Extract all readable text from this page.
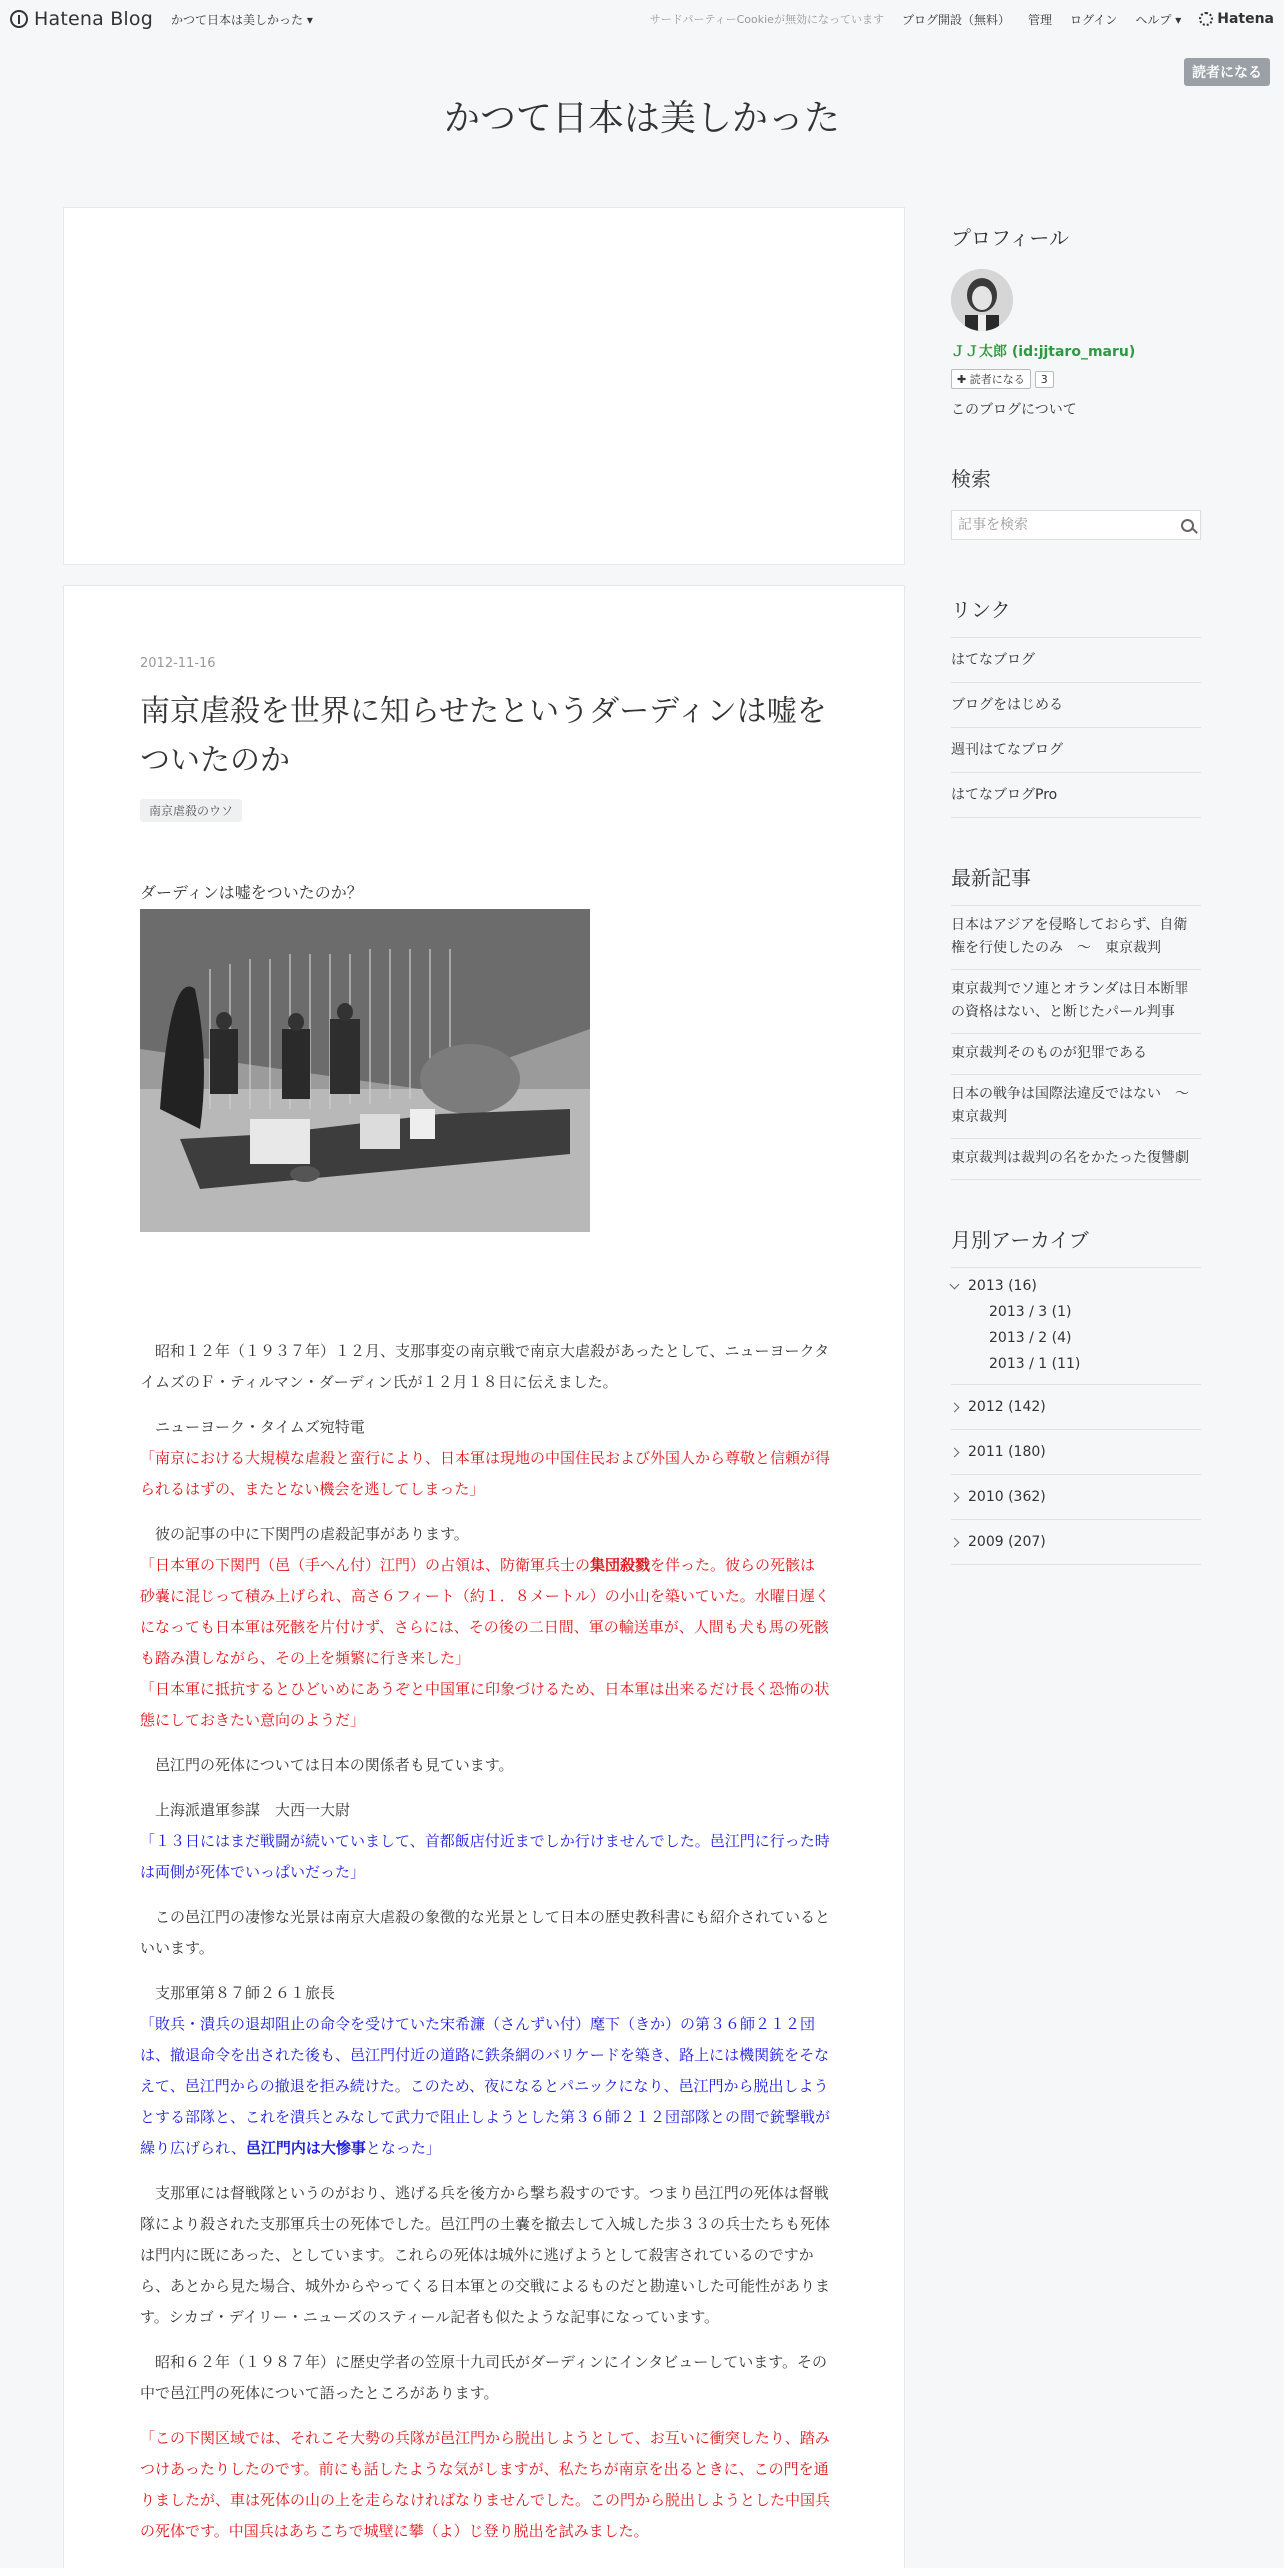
Hatena Blog かつて日本は美しかった ▾	サードパーティーCookieが無効になっています ブログ開設（無料） 管理 ログイン ヘルプ ▾	Hatena
読者になる
かつて日本は美しかった
2012-11-16
南京虐殺を世界に知らせたというダーディンは嘘をついたのか
南京虐殺のウソ
ダーディンは嘘をついたのか？

昭和１２年（１９３７年）１２月、支那事変の南京戦で南京大虐殺があったとして、ニューヨークタイムズのＦ・ティルマン・ダーディン氏が１２月１８日に伝えました。

ニューヨーク・タイムズ宛特電

「南京における大規模な虐殺と蛮行により、日本軍は現地の中国住民および外国人から尊敬と信頼が得られるはずの、またとない機会を逃してしまった」

彼の記事の中に下関門の虐殺記事があります。

「日本軍の下関門（邑（手へん付）江門）の占領は、防衛軍兵士の集団殺戮を伴った。彼らの死骸は砂嚢に混じって積み上げられ、高さ６フィート（約１．８メートル）の小山を築いていた。水曜日遅くになっても日本軍は死骸を片付けず、さらには、その後の二日間、軍の輸送車が、人間も犬も馬の死骸も踏み潰しながら、その上を頻繁に行き来した」

「日本軍に抵抗するとひどいめにあうぞと中国軍に印象づけるため、日本軍は出来るだけ長く恐怖の状態にしておきたい意向のようだ」

邑江門の死体については日本の関係者も見ています。

上海派遣軍参謀　大西一大尉

「１３日にはまだ戦闘が続いていまして、首都飯店付近までしか行けませんでした。邑江門に行った時は両側が死体でいっぱいだった」

この邑江門の凄惨な光景は南京大虐殺の象徴的な光景として日本の歴史教科書にも紹介されているといいます。

支那軍第８７師２６１旅長

「敗兵・潰兵の退却阻止の命令を受けていた宋希濂（さんずい付）麾下（きか）の第３６師２１２団は、撤退命令を出された後も、邑江門付近の道路に鉄条網のバリケードを築き、路上には機関銃をそなえて、邑江門からの撤退を拒み続けた。このため、夜になるとパニックになり、邑江門から脱出しようとする部隊と、これを潰兵とみなして武力で阻止しようとした第３６師２１２団部隊との間で銃撃戦が繰り広げられ、邑江門内は大惨事となった」

支那軍には督戦隊というのがおり、逃げる兵を後方から撃ち殺すのです。つまり邑江門の死体は督戦隊により殺された支那軍兵士の死体でした。邑江門の土嚢を撤去して入城した歩３３の兵士たちも死体は門内に既にあった、としています。これらの死体は城外に逃げようとして殺害されているのですから、あとから見た場合、城外からやってくる日本軍との交戦によるものだと勘違いした可能性があります。シカゴ・デイリー・ニューズのスティール記者も似たような記事になっています。

昭和６２年（１９８７年）に歴史学者の笠原十九司氏がダーディンにインタビューしています。その中で邑江門の死体について語ったところがあります。

「この下関区域では、それこそ大勢の兵隊が邑江門から脱出しようとして、お互いに衝突したり、踏みつけあったりしたのです。前にも話したような気がしますが、私たちが南京を出るときに、この門を通りましたが、車は死体の山の上を走らなければなりませんでした。この門から脱出しようとした中国兵の死体です。中国兵はあちこちで城壁に攀（よ）じ登り脱出を試みました。

プロフィール
ＪＪ太郎 (id:jjtaro_maru)
✚ 読者になる	3
このブログについて
検索
記事を検索
リンク
はてなブログ
ブログをはじめる
週刊はてなブログ
はてなブログPro
最新記事
日本はアジアを侵略しておらず、自衛権を行使したのみ　〜　東京裁判
東京裁判でソ連とオランダは日本断罪の資格はない、と断じたパール判事
東京裁判そのものが犯罪である
日本の戦争は国際法違反ではない　〜　東京裁判
東京裁判は裁判の名をかたった復讐劇
月別アーカイブ
2013 (16)
2013 / 3 (1)
2013 / 2 (4)
2013 / 1 (11)
2012 (142)
2011 (180)
2010 (362)
2009 (207)
